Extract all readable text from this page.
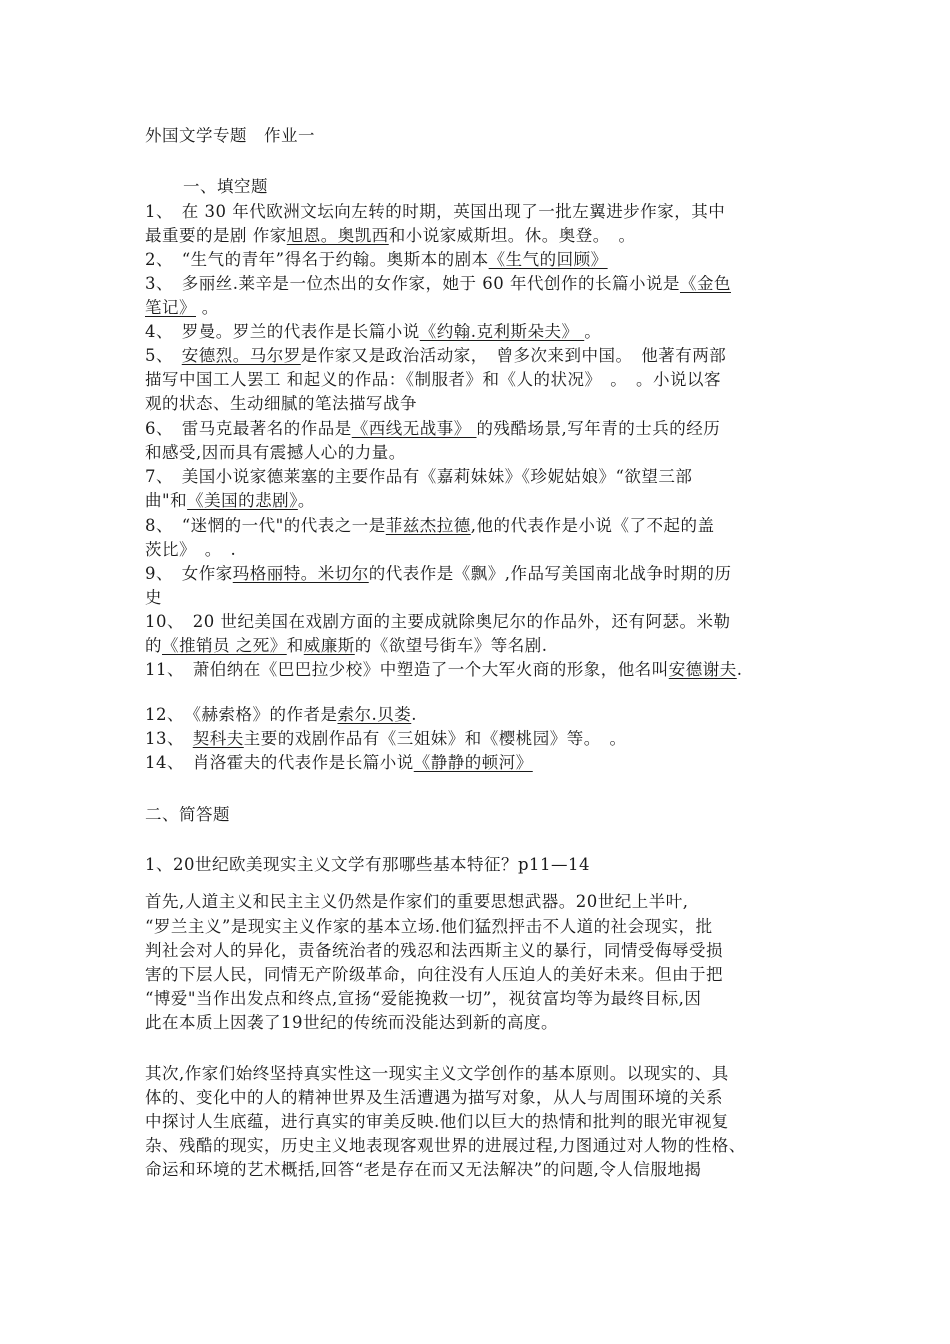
外国文学专题　作业一
一、填空题
1、　在 30 年代欧洲文坛向左转的时期，英国出现了一批左翼进步作家，其中
最重要的是剧 作家旭恩。奥凯西和小说家威斯坦。休。奥登。　。
2、　“生气的青年”得名于约翰。奥斯本的剧本《生气的回顾》
3、　多丽丝.莱辛是一位杰出的女作家，她于 60 年代创作的长篇小说是《金色
笔记》 。
4、　罗曼。罗兰的代表作是长篇小说《约翰.克利斯朵夫》 。
5、　安德烈。马尔罗是作家又是政治活动家，　曾多次来到中国。　他著有两部
描写中国工人罢工 和起义的作品：《制服者》和《人的状况》　。　。小说以客
观的状态、生动细腻的笔法描写战争
6、　雷马克最著名的作品是《西线无战事》 的残酷场景,写年青的士兵的经历
和感受,因而具有震撼人心的力量。
7、　美国小说家德莱塞的主要作品有《嘉莉妹妹》《珍妮姑娘》“欲望三部
曲"和《美国的悲剧》。
8、　“迷惘的一代"的代表之一是菲兹杰拉德,他的代表作是小说《了不起的盖
茨比》　。　.
9、　女作家玛格丽特。米切尔的代表作是《飘》,作品写美国南北战争时期的历
史
10、　20 世纪美国在戏剧方面的主要成就除奥尼尔的作品外，还有阿瑟。米勒
的《推销员 之死》和威廉斯的《欲望号街车》等名剧.
11、　萧伯纳在《巴巴拉少校》中塑造了一个大军火商的形象，他名叫安德谢夫.
12、　《赫索格》的作者是索尔.贝娄.
13、　契科夫主要的戏剧作品有《三姐妹》和《樱桃园》等。　。
14、　肖洛霍夫的代表作是长篇小说《静静的顿河》
二、简答题
1、20世纪欧美现实主义文学有那哪些基本特征？p11—14
首先,人道主义和民主主义仍然是作家们的重要思想武器。20世纪上半叶,
“罗兰主义”是现实主义作家的基本立场.他们猛烈抨击不人道的社会现实，批
判社会对人的异化，责备统治者的残忍和法西斯主义的暴行，同情受侮辱受损
害的下层人民，同情无产阶级革命，向往没有人压迫人的美好未来。但由于把
“博爱"当作出发点和终点,宣扬“爱能挽救一切”，视贫富均等为最终目标,因
此在本质上因袭了19世纪的传统而没能达到新的高度。
其次,作家们始终坚持真实性这一现实主义文学创作的基本原则。以现实的、具
体的、变化中的人的精神世界及生活遭遇为描写对象，从人与周围环境的关系
中探讨人生底蕴，进行真实的审美反映.他们以巨大的热情和批判的眼光审视复
杂、残酷的现实，历史主义地表现客观世界的进展过程,力图通过对人物的性格、
命运和环境的艺术概括,回答“老是存在而又无法解决”的问题,令人信服地揭
